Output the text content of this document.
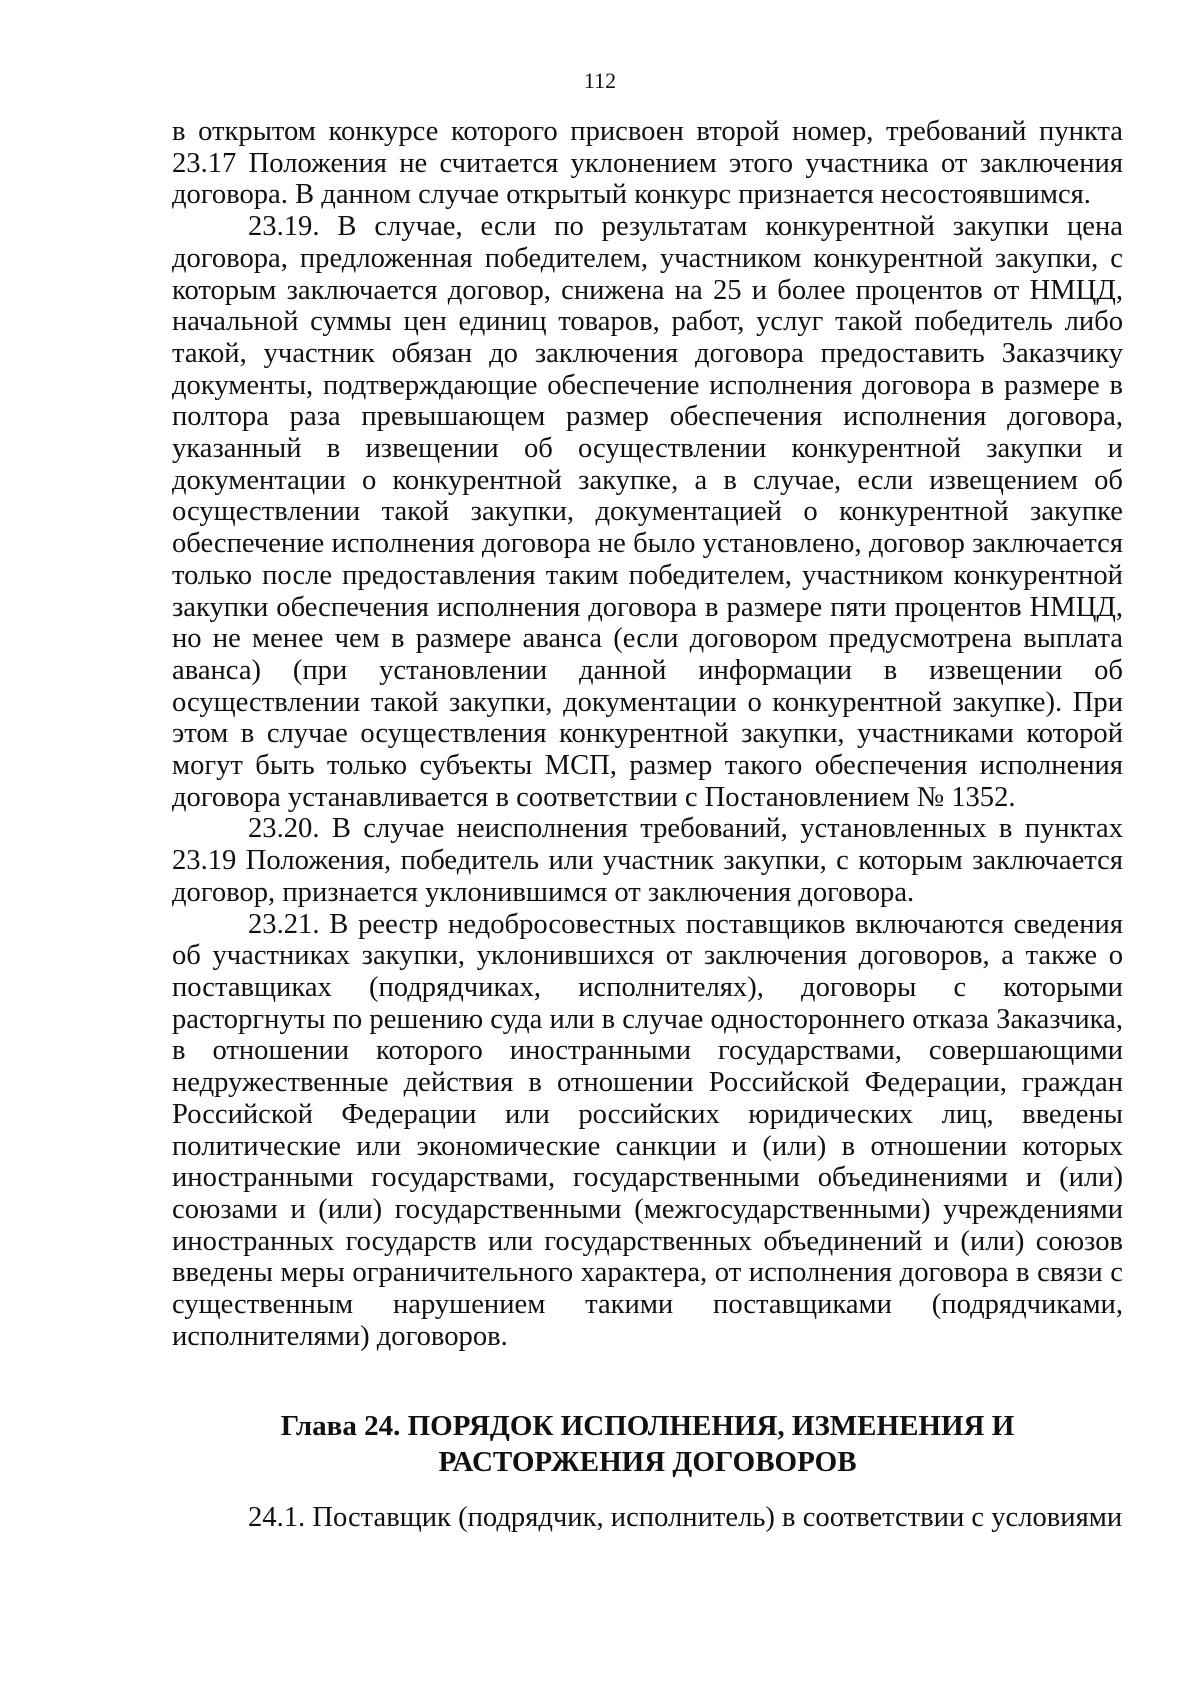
112

в открытом конкурсе которого присвоен второй номер, требований пункта 23.17 Положения не считается уклонением этого участника от заключения договора. В данном случае открытый конкурс признается несостоявшимся.

23.19. В случае, если по результатам конкурентной закупки цена договора, предложенная победителем, участником конкурентной закупки, с которым заключается договор, снижена на 25 и более процентов от НМЦД, начальной суммы цен единиц товаров, работ, услуг такой победитель либо такой, участник обязан до заключения договора предоставить Заказчику документы, подтверждающие обеспечение исполнения договора в размере в полтора раза превышающем размер обеспечения исполнения договора, указанный в извещении об осуществлении конкурентной закупки и документации о конкурентной закупке, а в случае, если извещением об осуществлении такой закупки, документацией о конкурентной закупке обеспечение исполнения договора не было установлено, договор заключается только после предоставления таким победителем, участником конкурентной закупки обеспечения исполнения договора в размере пяти процентов НМЦД, но не менее чем в размере аванса (если договором предусмотрена выплата аванса) (при установлении данной информации в извещении об осуществлении такой закупки, документации о конкурентной закупке). При этом в случае осуществления конкурентной закупки, участниками которой могут быть только субъекты МСП, размер такого обеспечения исполнения договора устанавливается в соответствии с Постановлением № 1352.

23.20. В случае неисполнения требований, установленных в пунктах 23.19 Положения, победитель или участник закупки, с которым заключается договор, признается уклонившимся от заключения договора.

23.21. В реестр недобросовестных поставщиков включаются сведения об участниках закупки, уклонившихся от заключения договоров, а также о поставщиках (подрядчиках, исполнителях), договоры с которыми расторгнуты по решению суда или в случае одностороннего отказа Заказчика, в отношении которого иностранными государствами, совершающими недружественные действия в отношении Российской Федерации, граждан Российской Федерации или российских юридических лиц, введены политические или экономические санкции и (или) в отношении которых иностранными государствами, государственными объединениями и (или) союзами и (или) государственными (межгосударственными) учреждениями иностранных государств или государственных объединений и (или) союзов введены меры ограничительного характера, от исполнения договора в связи с существенным нарушением такими поставщиками (подрядчиками, исполнителями) договоров.

Глава 24. ПОРЯДОК ИСПОЛНЕНИЯ, ИЗМЕНЕНИЯ И
РАСТОРЖЕНИЯ ДОГОВОРОВ
24.1. Поставщик (подрядчик, исполнитель) в соответствии с условиями
